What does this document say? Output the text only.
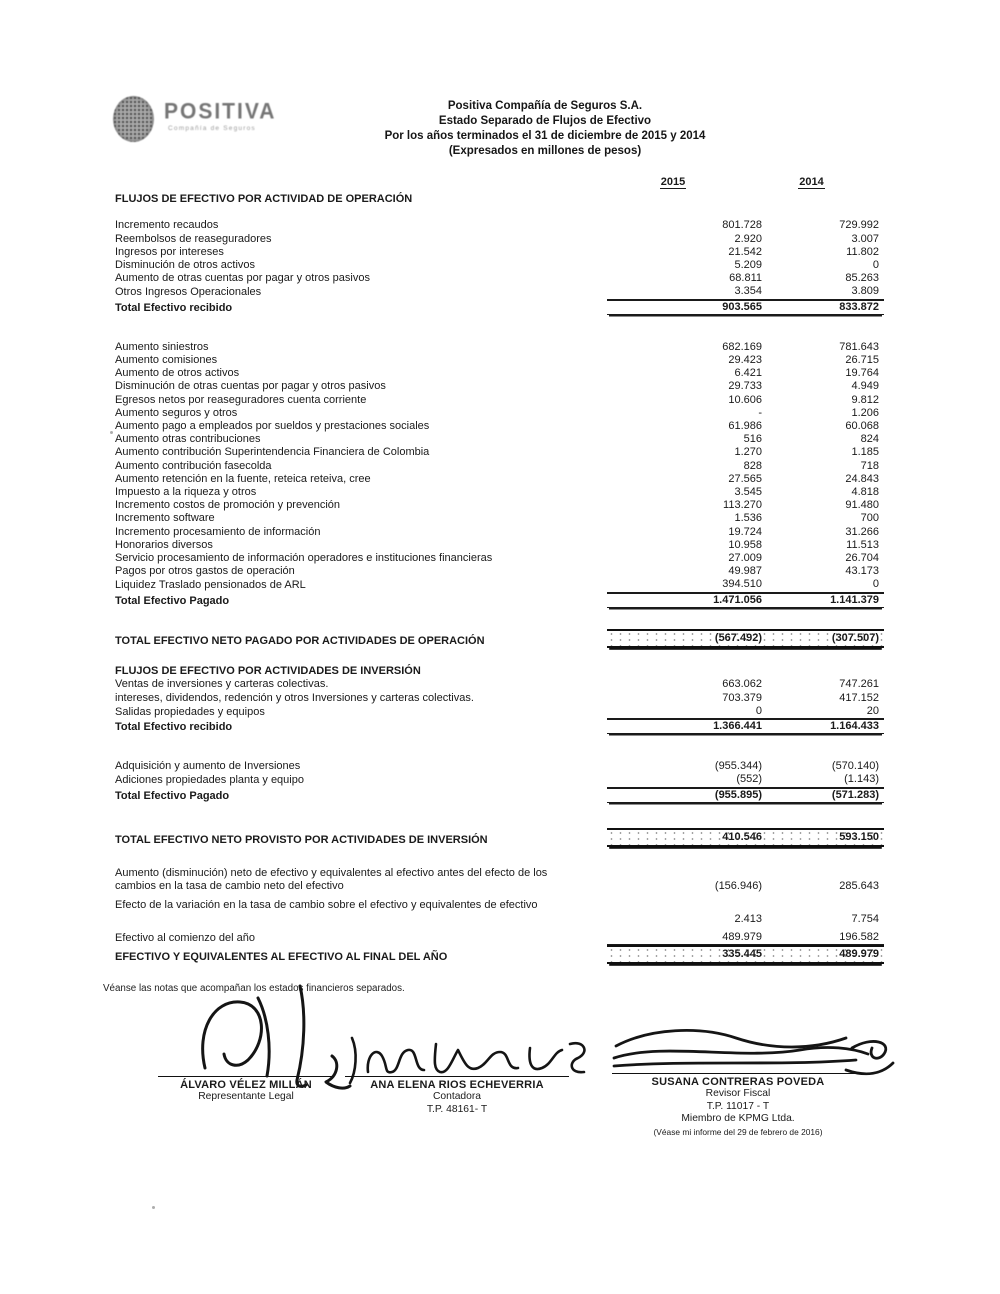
POSITIVA
Compañía de Seguros
Positiva Compañía de Seguros S.A.
Estado Separado de Flujos de Efectivo
Por los años terminados el 31 de diciembre de 2015 y 2014
(Expresados en millones de pesos)
2015	2014
FLUJOS DE EFECTIVO POR ACTIVIDAD DE OPERACIÓN
Incremento recaudos	801.728	729.992
Reembolsos de reaseguradores	2.920	3.007
Ingresos por intereses	21.542	11.802
Disminución de otros activos	5.209	0
Aumento de otras cuentas por pagar y otros pasivos	68.811	85.263
Otros Ingresos Operacionales	3.354	3.809
Total Efectivo recibido	903.565	833.872
Aumento siniestros	682.169	781.643
Aumento comisiones	29.423	26.715
Aumento de otros activos	6.421	19.764
Disminución de otras cuentas por pagar y otros pasivos	29.733	4.949
Egresos netos por reaseguradores cuenta corriente	10.606	9.812
Aumento seguros y otros	-	1.206
Aumento pago a empleados por sueldos y prestaciones sociales	61.986	60.068
Aumento otras contribuciones	516	824
Aumento contribución Superintendencia Financiera de Colombia	1.270	1.185
Aumento contribución fasecolda	828	718
Aumento retención en la fuente, reteica reteiva, cree	27.565	24.843
Impuesto a la riqueza y otros	3.545	4.818
Incremento costos de promoción y prevención	113.270	91.480
Incremento software	1.536	700
Incremento procesamiento de información	19.724	31.266
Honorarios diversos	10.958	11.513
Servicio procesamiento de información operadores e instituciones financieras	27.009	26.704
Pagos por otros gastos de operación	49.987	43.173
Liquidez Traslado pensionados de ARL	394.510	0
Total Efectivo Pagado	1.471.056	1.141.379
TOTAL EFECTIVO NETO PAGADO POR ACTIVIDADES DE OPERACIÓN	(567.492)	(307.507)
FLUJOS DE EFECTIVO POR ACTIVIDADES DE INVERSIÓN
Ventas de inversiones y carteras colectivas.	663.062	747.261
intereses, dividendos, redención y otros Inversiones y carteras colectivas.	703.379	417.152
Salidas propiedades y equipos	0	20
Total Efectivo recibido	1.366.441	1.164.433
Adquisición y aumento de Inversiones	(955.344)	(570.140)
Adiciones propiedades planta y equipo	(552)	(1.143)
Total Efectivo Pagado	(955.895)	(571.283)
TOTAL EFECTIVO NETO PROVISTO POR ACTIVIDADES DE INVERSIÓN	410.546	593.150
Aumento (disminución) neto de efectivo y equivalentes al efectivo antes del efecto de los
cambios en la tasa de cambio neto del efectivo	(156.946)	285.643
Efecto de la variación en la tasa de cambio sobre el efectivo y equivalentes de efectivo

2.413	7.754
Efectivo al comienzo del año	489.979	196.582
EFECTIVO Y EQUIVALENTES AL EFECTIVO AL FINAL DEL AÑO	335.445	489.979
Véanse las notas que acompañan los estados financieros separados.
ÁLVARO VÉLEZ MILLÁN
Representante Legal
ANA ELENA RIOS ECHEVERRIA
Contadora
T.P. 48161- T
SUSANA CONTRERAS POVEDA
Revisor Fiscal
T.P. 11017 - T
Miembro de KPMG Ltda.
(Véase mi informe del 29 de febrero de 2016)
